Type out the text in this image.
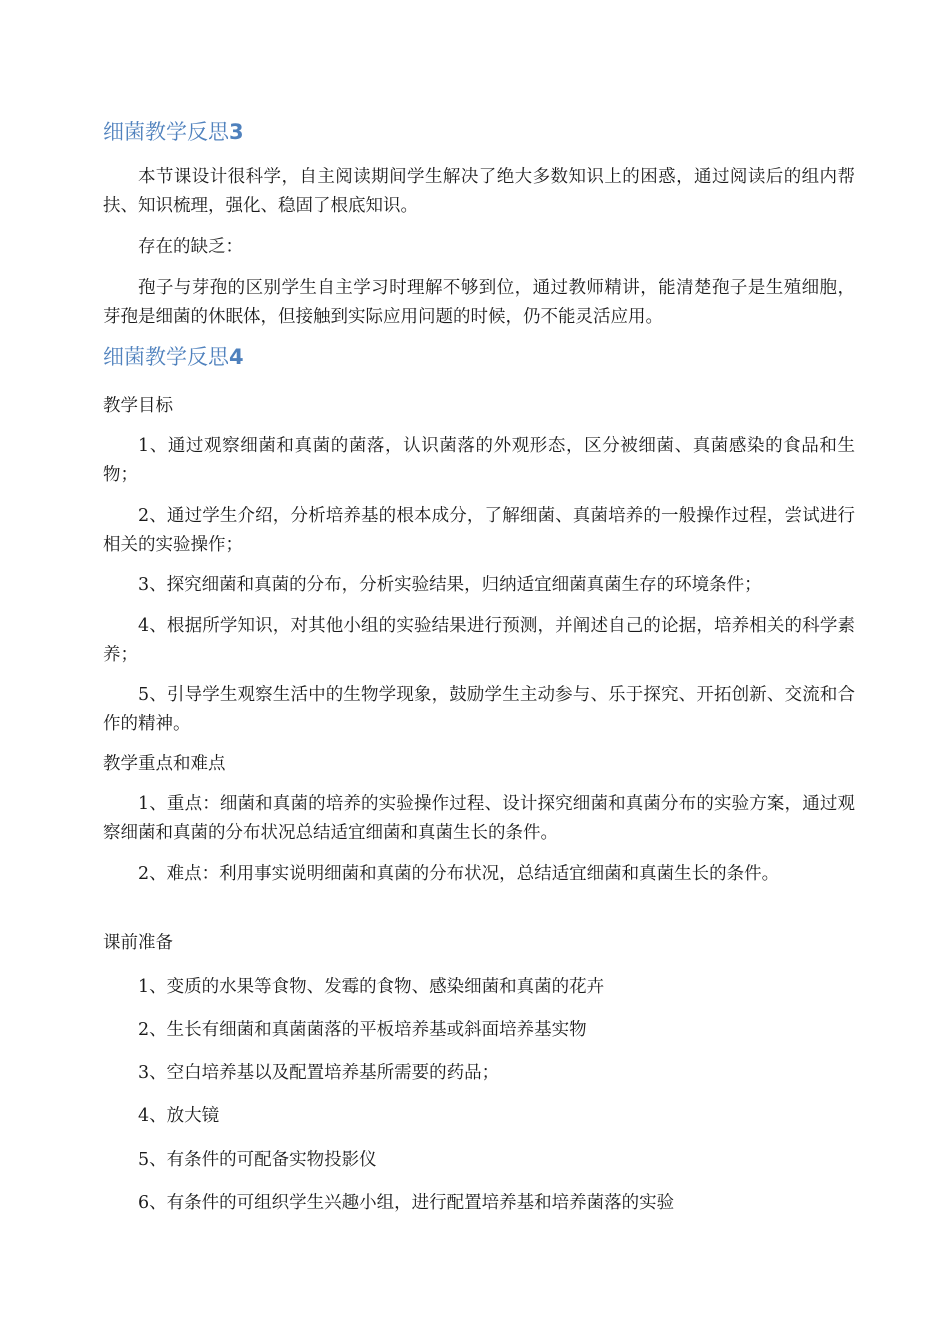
细菌教学反思3

本节课设计很科学，自主阅读期间学生解决了绝大多数知识上的困惑，通过阅读后的组内帮扶、知识梳理，强化、稳固了根底知识。

存在的缺乏：

孢子与芽孢的区别学生自主学习时理解不够到位，通过教师精讲，能清楚孢子是生殖细胞，芽孢是细菌的休眠体，但接触到实际应用问题的时候，仍不能灵活应用。

细菌教学反思4
教学目标

1、通过观察细菌和真菌的菌落，认识菌落的外观形态，区分被细菌、真菌感染的食品和生物；

2、通过学生介绍，分析培养基的根本成分，了解细菌、真菌培养的一般操作过程，尝试进行相关的实验操作；

3、探究细菌和真菌的分布，分析实验结果，归纳适宜细菌真菌生存的环境条件；

4、根据所学知识，对其他小组的实验结果进行预测，并阐述自己的论据，培养相关的科学素养；

5、引导学生观察生活中的生物学现象，鼓励学生主动参与、乐于探究、开拓创新、交流和合作的精神。

教学重点和难点

1、重点：细菌和真菌的培养的实验操作过程、设计探究细菌和真菌分布的实验方案，通过观察细菌和真菌的分布状况总结适宜细菌和真菌生长的条件。

2、难点：利用事实说明细菌和真菌的分布状况，总结适宜细菌和真菌生长的条件。

课前准备
1、变质的水果等食物、发霉的食物、感染细菌和真菌的花卉
2、生长有细菌和真菌菌落的平板培养基或斜面培养基实物
3、空白培养基以及配置培养基所需要的药品；
4、放大镜
5、有条件的可配备实物投影仪
6、有条件的可组织学生兴趣小组，进行配置培养基和培养菌落的实验
